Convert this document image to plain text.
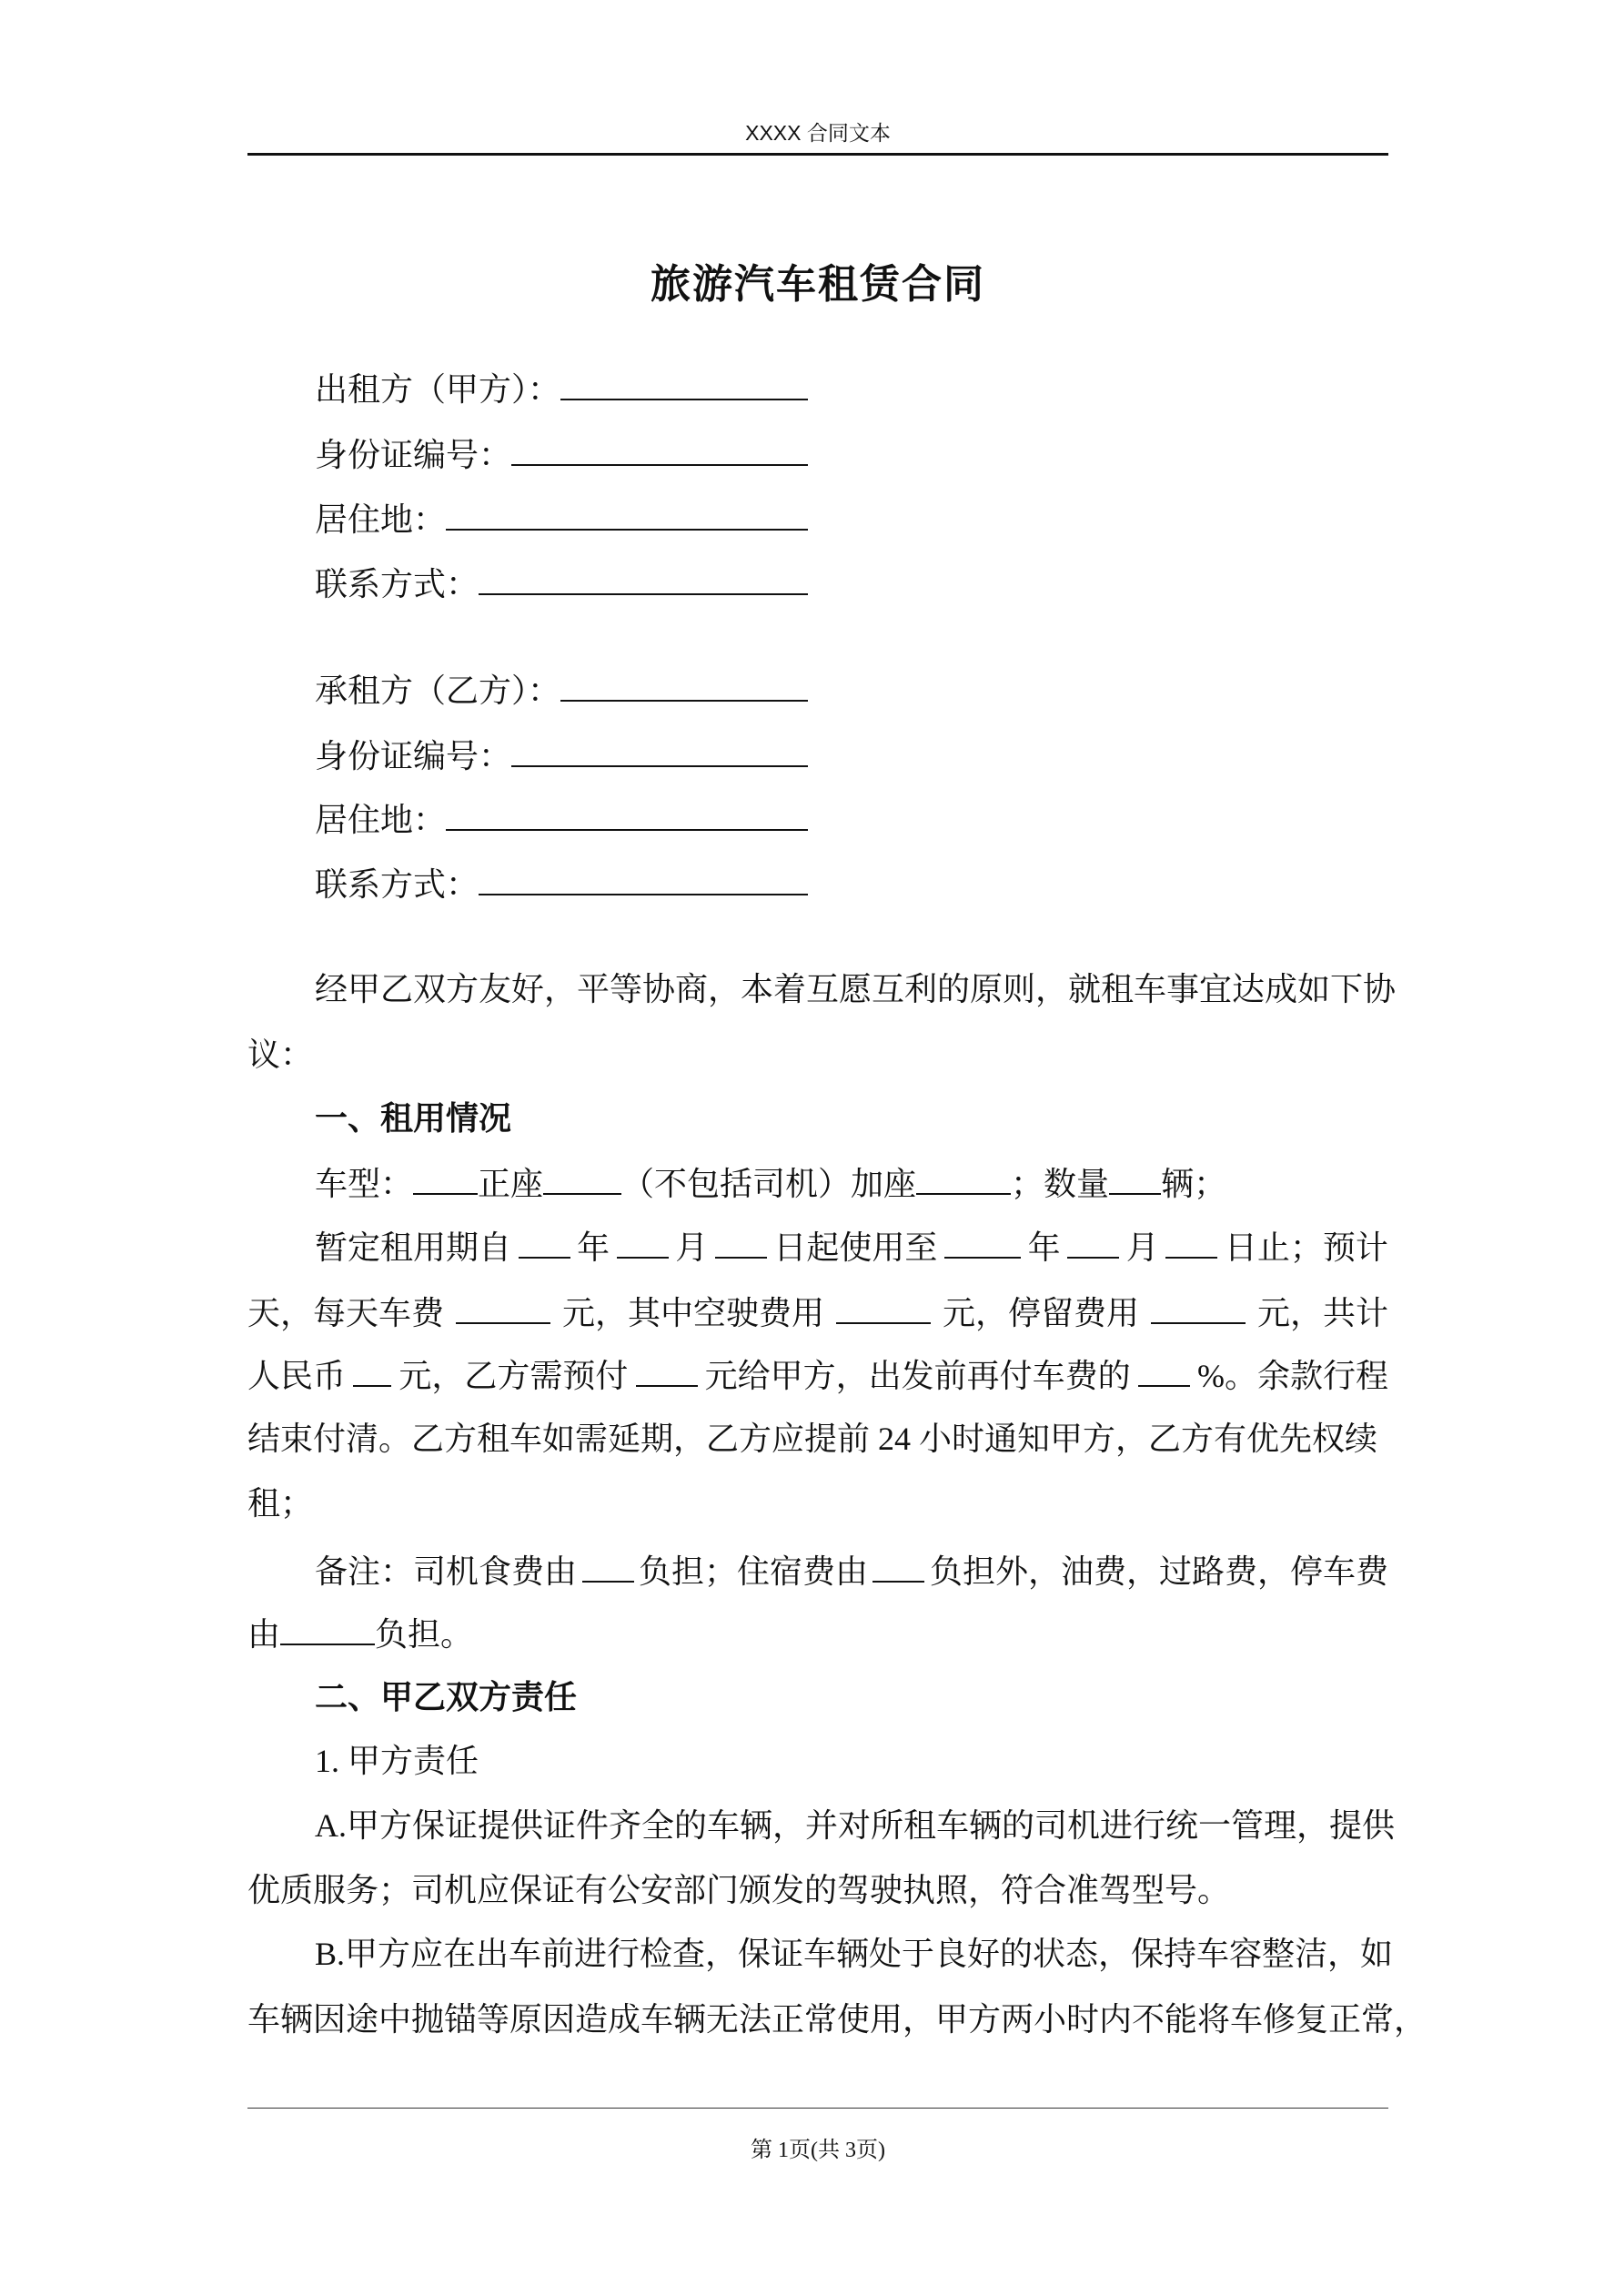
XXXX 合同文本
旅游汽车租赁合同
出租方（甲方）：
身份证编号：
居住地：
联系方式：
承租方（乙方）：
身份证编号：
居住地：
联系方式：
经甲乙双方友好，平等协商，本着互愿互利的原则，就租车事宜达成如下协
议：
一、租用情况
车型： 正座 （不包括司机）加座	；数量 辆；
暂定租用期自 年 月 日起使用至	年 月 日止；预计
天，每天车费	元，其中空驶费用	元，停留费用	元，共计
人民币 元，乙方需预付 元给甲方，出发前再付车费的 %。余款行程
结束付清。乙方租车如需延期，乙方应提前 24 小时通知甲方，乙方有优先权续
租；
备注：司机食费由 负担；住宿费由 负担外，油费，过路费，停车费
由	负担。
二、甲乙双方责任
1. 甲方责任
A.甲方保证提供证件齐全的车辆，并对所租车辆的司机进行统一管理，提供
优质服务；司机应保证有公安部门颁发的驾驶执照，符合准驾型号。
B.甲方应在出车前进行检查，保证车辆处于良好的状态，保持车容整洁，如
车辆因途中抛锚等原因造成车辆无法正常使用，甲方两小时内不能将车修复正常，
第 1页(共 3页)
